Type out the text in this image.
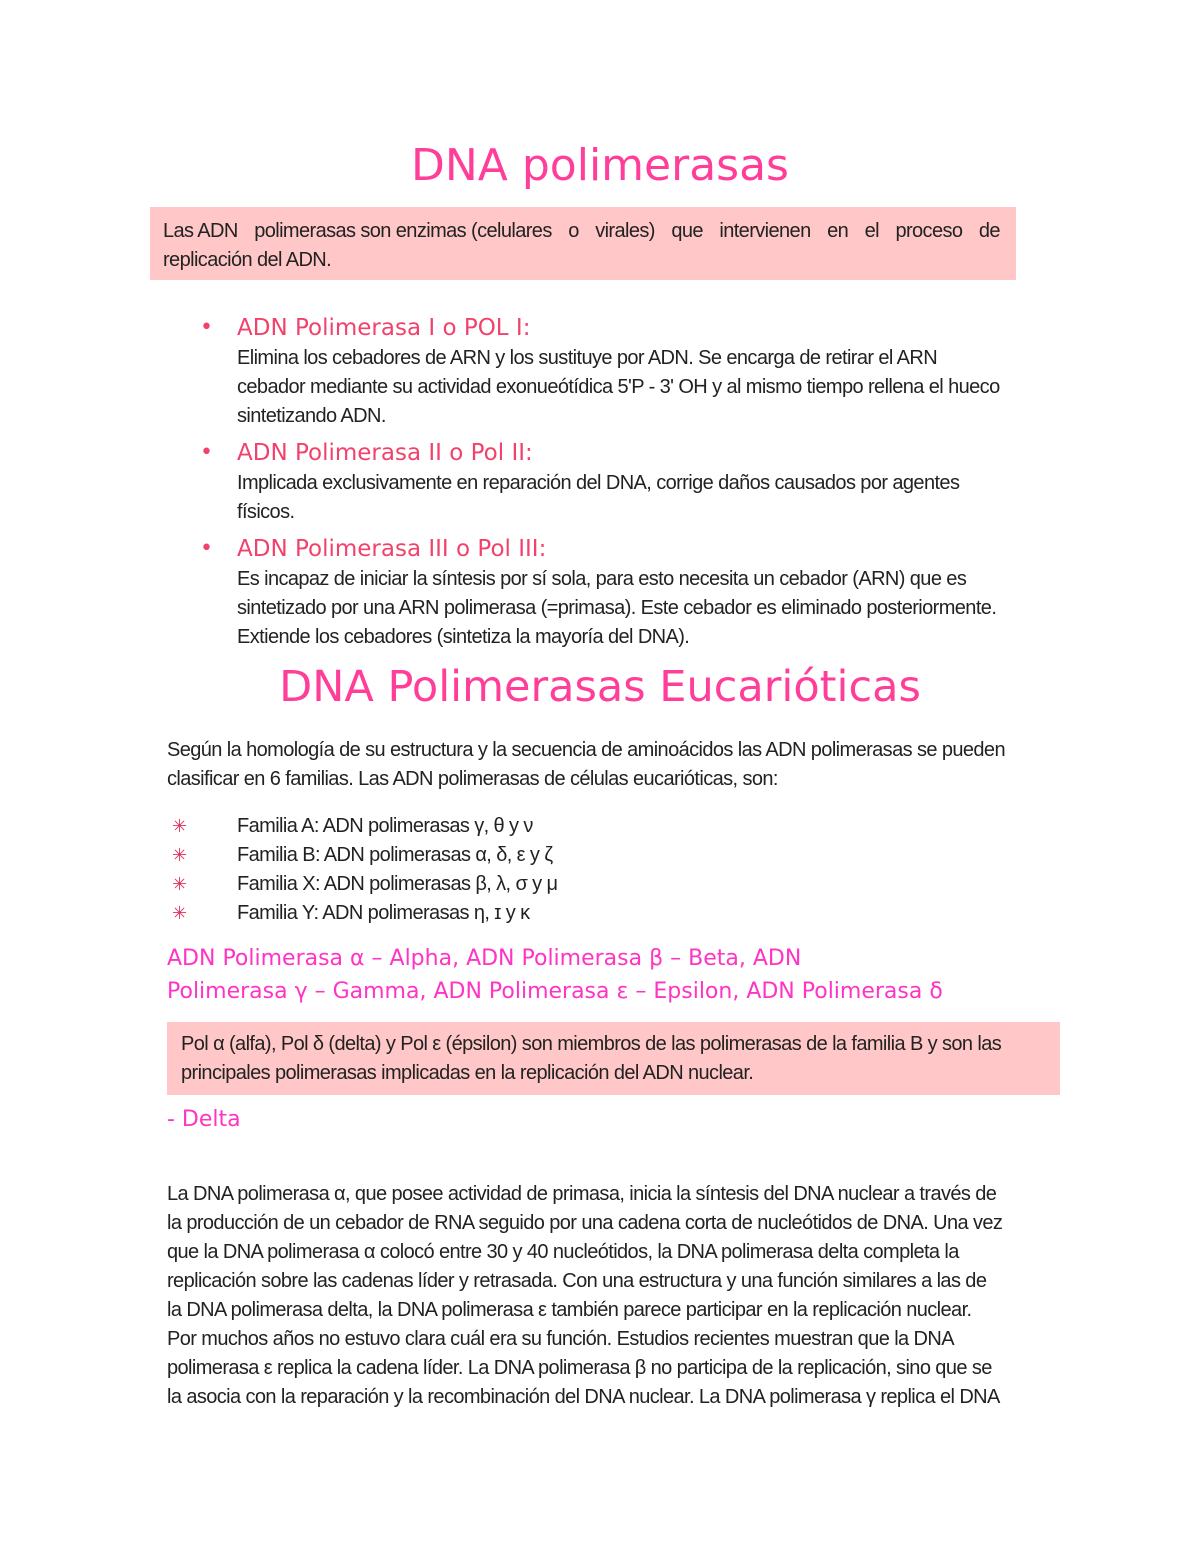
DNA polimerasas
Las ADN polimerasas son enzimas (celulares o virales) que intervienen en el proceso de
replicación del ADN.
• ADN Polimerasa I o POL I:
Elimina los cebadores de ARN y los sustituye por ADN. Se encarga de retirar el ARN
cebador mediante su actividad exonueótídica 5'P - 3' OH y al mismo tiempo rellena el hueco
sintetizando ADN.
• ADN Polimerasa II o Pol II:
Implicada exclusivamente en reparación del DNA, corrige daños causados por agentes
físicos.
• ADN Polimerasa III o Pol III:
Es incapaz de iniciar la síntesis por sí sola, para esto necesita un cebador (ARN) que es
sintetizado por una ARN polimerasa (=primasa). Este cebador es eliminado posteriormente.
Extiende los cebadores (sintetiza la mayoría del DNA).
DNA Polimerasas Eucarióticas
Según la homología de su estructura y la secuencia de aminoácidos las ADN polimerasas se pueden
clasificar en 6 familias. Las ADN polimerasas de células eucarióticas, son:
✳	Familia A: ADN polimerasas γ, θ y ν
✳	Familia B: ADN polimerasas α, δ, ε y ζ
✳	Familia X: ADN polimerasas β, λ, σ y μ
✳	Familia Y: ADN polimerasas η, ɪ y κ
ADN Polimerasa α – Alpha, ADN Polimerasa β – Beta, ADN
Polimerasa γ – Gamma, ADN Polimerasa ε – Epsilon, ADN Polimerasa δ
Pol α (alfa), Pol δ (delta) y Pol ε (épsilon) son miembros de las polimerasas de la familia B y son las
principales polimerasas implicadas en la replicación del ADN nuclear.
- Delta
La DNA polimerasa α, que posee actividad de primasa, inicia la síntesis del DNA nuclear a través de
la producción de un cebador de RNA seguido por una cadena corta de nucleótidos de DNA. Una vez
que la DNA polimerasa α colocó entre 30 y 40 nucleótidos, la DNA polimerasa delta completa la
replicación sobre las cadenas líder y retrasada. Con una estructura y una función similares a las de
la DNA polimerasa delta, la DNA polimerasa ε también parece participar en la replicación nuclear.
Por muchos años no estuvo clara cuál era su función. Estudios recientes muestran que la DNA
polimerasa ε replica la cadena líder. La DNA polimerasa β no participa de la replicación, sino que se
la asocia con la reparación y la recombinación del DNA nuclear. La DNA polimerasa γ replica el DNA
